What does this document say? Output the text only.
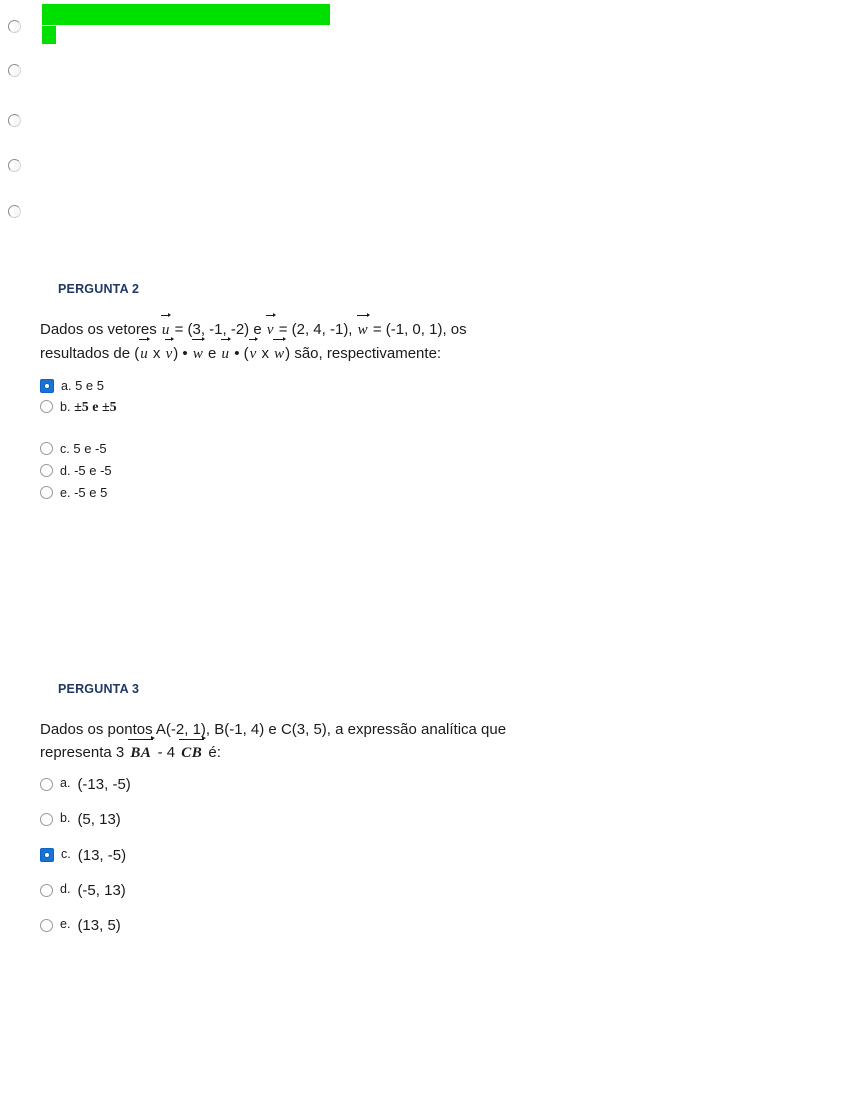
PERGUNTA 2
Dados os vetores u = (3, -1, -2) e v = (2, 4, -1), w = (-1, 0, 1), os
resultados de (u x v) • w e u • (v x w) são, respectivamente:
a. 5 e 5
b. ±5 e ±5
c. 5 e -5
d. -5 e -5
e. -5 e 5
PERGUNTA 3
Dados os pontos A(-2, 1), B(-1, 4) e C(3, 5), a expressão analítica que
representa 3 BA - 4 CB é:
a. (-13, -5)
b. (5, 13)
c. (13, -5)
d. (-5, 13)
e. (13, 5)
